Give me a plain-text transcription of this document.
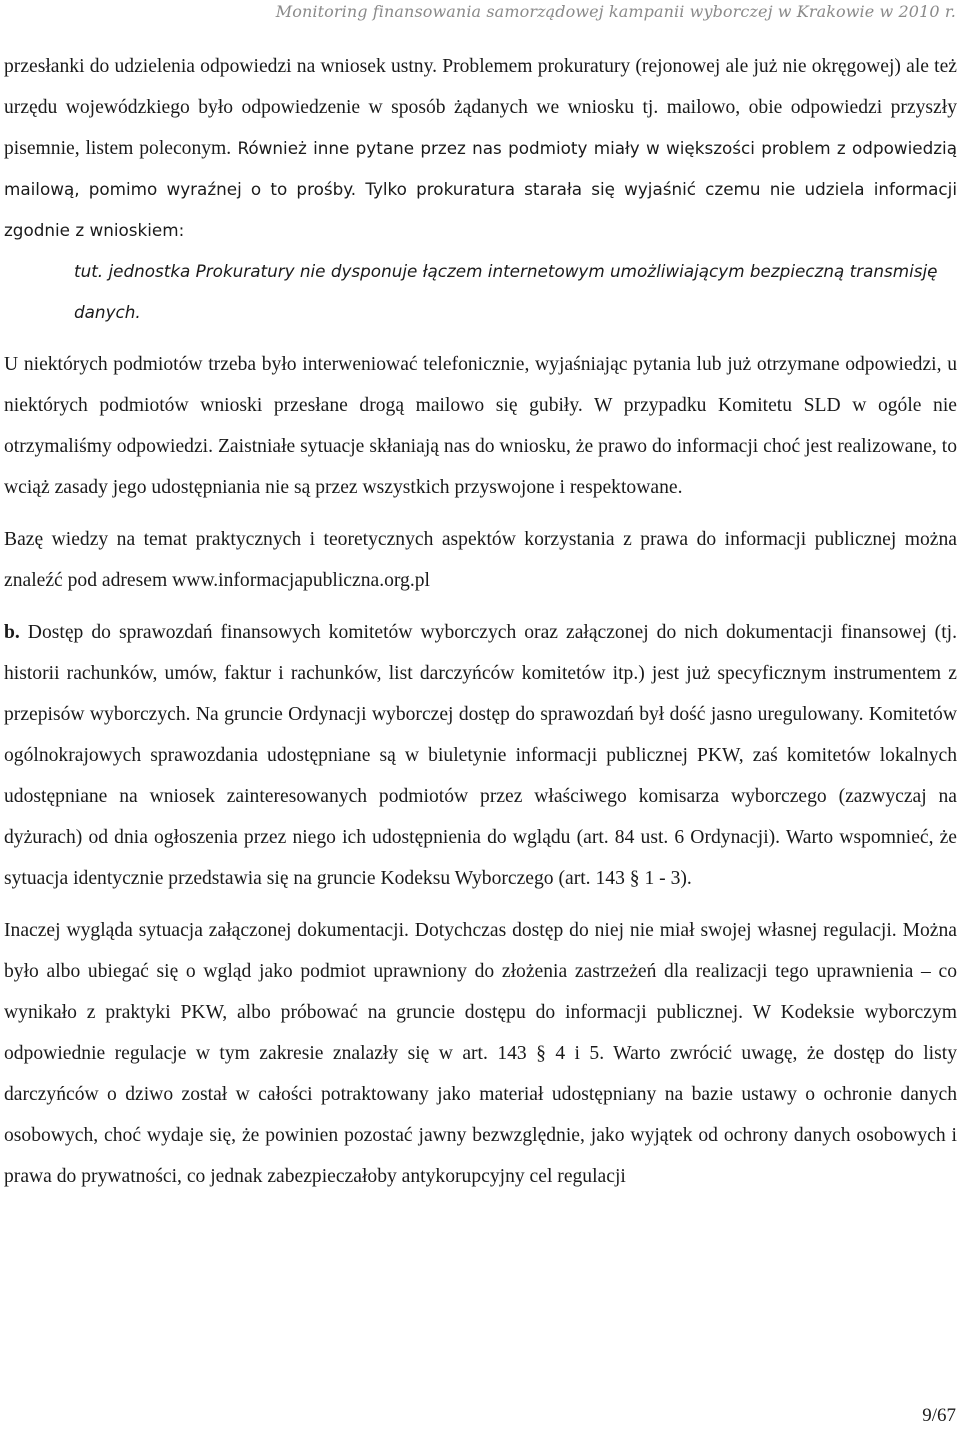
Monitoring finansowania samorządowej kampanii wyborczej w Krakowie w 2010 r.

przesłanki do udzielenia odpowiedzi na wniosek ustny. Problemem prokuratury (rejonowej ale już nie okręgowej) ale też urzędu wojewódzkiego było odpowiedzenie w sposób żądanych we wniosku tj. mailowo, obie odpowiedzi przyszły pisemnie, listem poleconym. Również inne pytane przez nas podmioty miały w większości problem z odpowiedzią mailową, pomimo wyraźnej o to prośby. Tylko prokuratura starała się wyjaśnić czemu nie udziela informacji zgodnie z wnioskiem:

tut. jednostka Prokuratury nie dysponuje łączem internetowym umożliwiającym bezpieczną transmisję danych.

U niektórych podmiotów trzeba było interweniować telefonicznie, wyjaśniając pytania lub już otrzymane odpowiedzi, u niektórych podmiotów wnioski przesłane drogą mailowo się gubiły. W przypadku Komitetu SLD w ogóle nie otrzymaliśmy odpowiedzi. Zaistniałe sytuacje skłaniają nas do wniosku, że prawo do informacji choć jest realizowane, to wciąż zasady jego udostępniania nie są przez wszystkich przyswojone i respektowane.

Bazę wiedzy na temat praktycznych i teoretycznych aspektów korzystania z prawa do informacji publicznej można znaleźć pod adresem www.informacjapubliczna.org.pl

b. Dostęp do sprawozdań finansowych komitetów wyborczych oraz załączonej do nich dokumentacji finansowej (tj. historii rachunków, umów, faktur i rachunków, list darczyńców komitetów itp.) jest już specyficznym instrumentem z przepisów wyborczych. Na gruncie Ordynacji wyborczej dostęp do sprawozdań był dość jasno uregulowany. Komitetów ogólnokrajowych sprawozdania udostępniane są w biuletynie informacji publicznej PKW, zaś komitetów lokalnych udostępniane na wniosek zainteresowanych podmiotów przez właściwego komisarza wyborczego (zazwyczaj na dyżurach) od dnia ogłoszenia przez niego ich udostępnienia do wglądu (art. 84 ust. 6 Ordynacji). Warto wspomnieć, że sytuacja identycznie przedstawia się na gruncie Kodeksu Wyborczego (art. 143 § 1 - 3).

Inaczej wygląda sytuacja załączonej dokumentacji. Dotychczas dostęp do niej nie miał swojej własnej regulacji. Można było albo ubiegać się o wgląd jako podmiot uprawniony do złożenia zastrzeżeń dla realizacji tego uprawnienia – co wynikało z praktyki PKW, albo próbować na gruncie dostępu do informacji publicznej. W Kodeksie wyborczym odpowiednie regulacje w tym zakresie znalazły się w art. 143 § 4 i 5. Warto zwrócić uwagę, że dostęp do listy darczyńców o dziwo został w całości potraktowany jako materiał udostępniany na bazie ustawy o ochronie danych osobowych, choć wydaje się, że powinien pozostać jawny bezwzględnie, jako wyjątek od ochrony danych osobowych i prawa do prywatności, co jednak zabezpieczałoby antykorupcyjny cel regulacji

9/67
